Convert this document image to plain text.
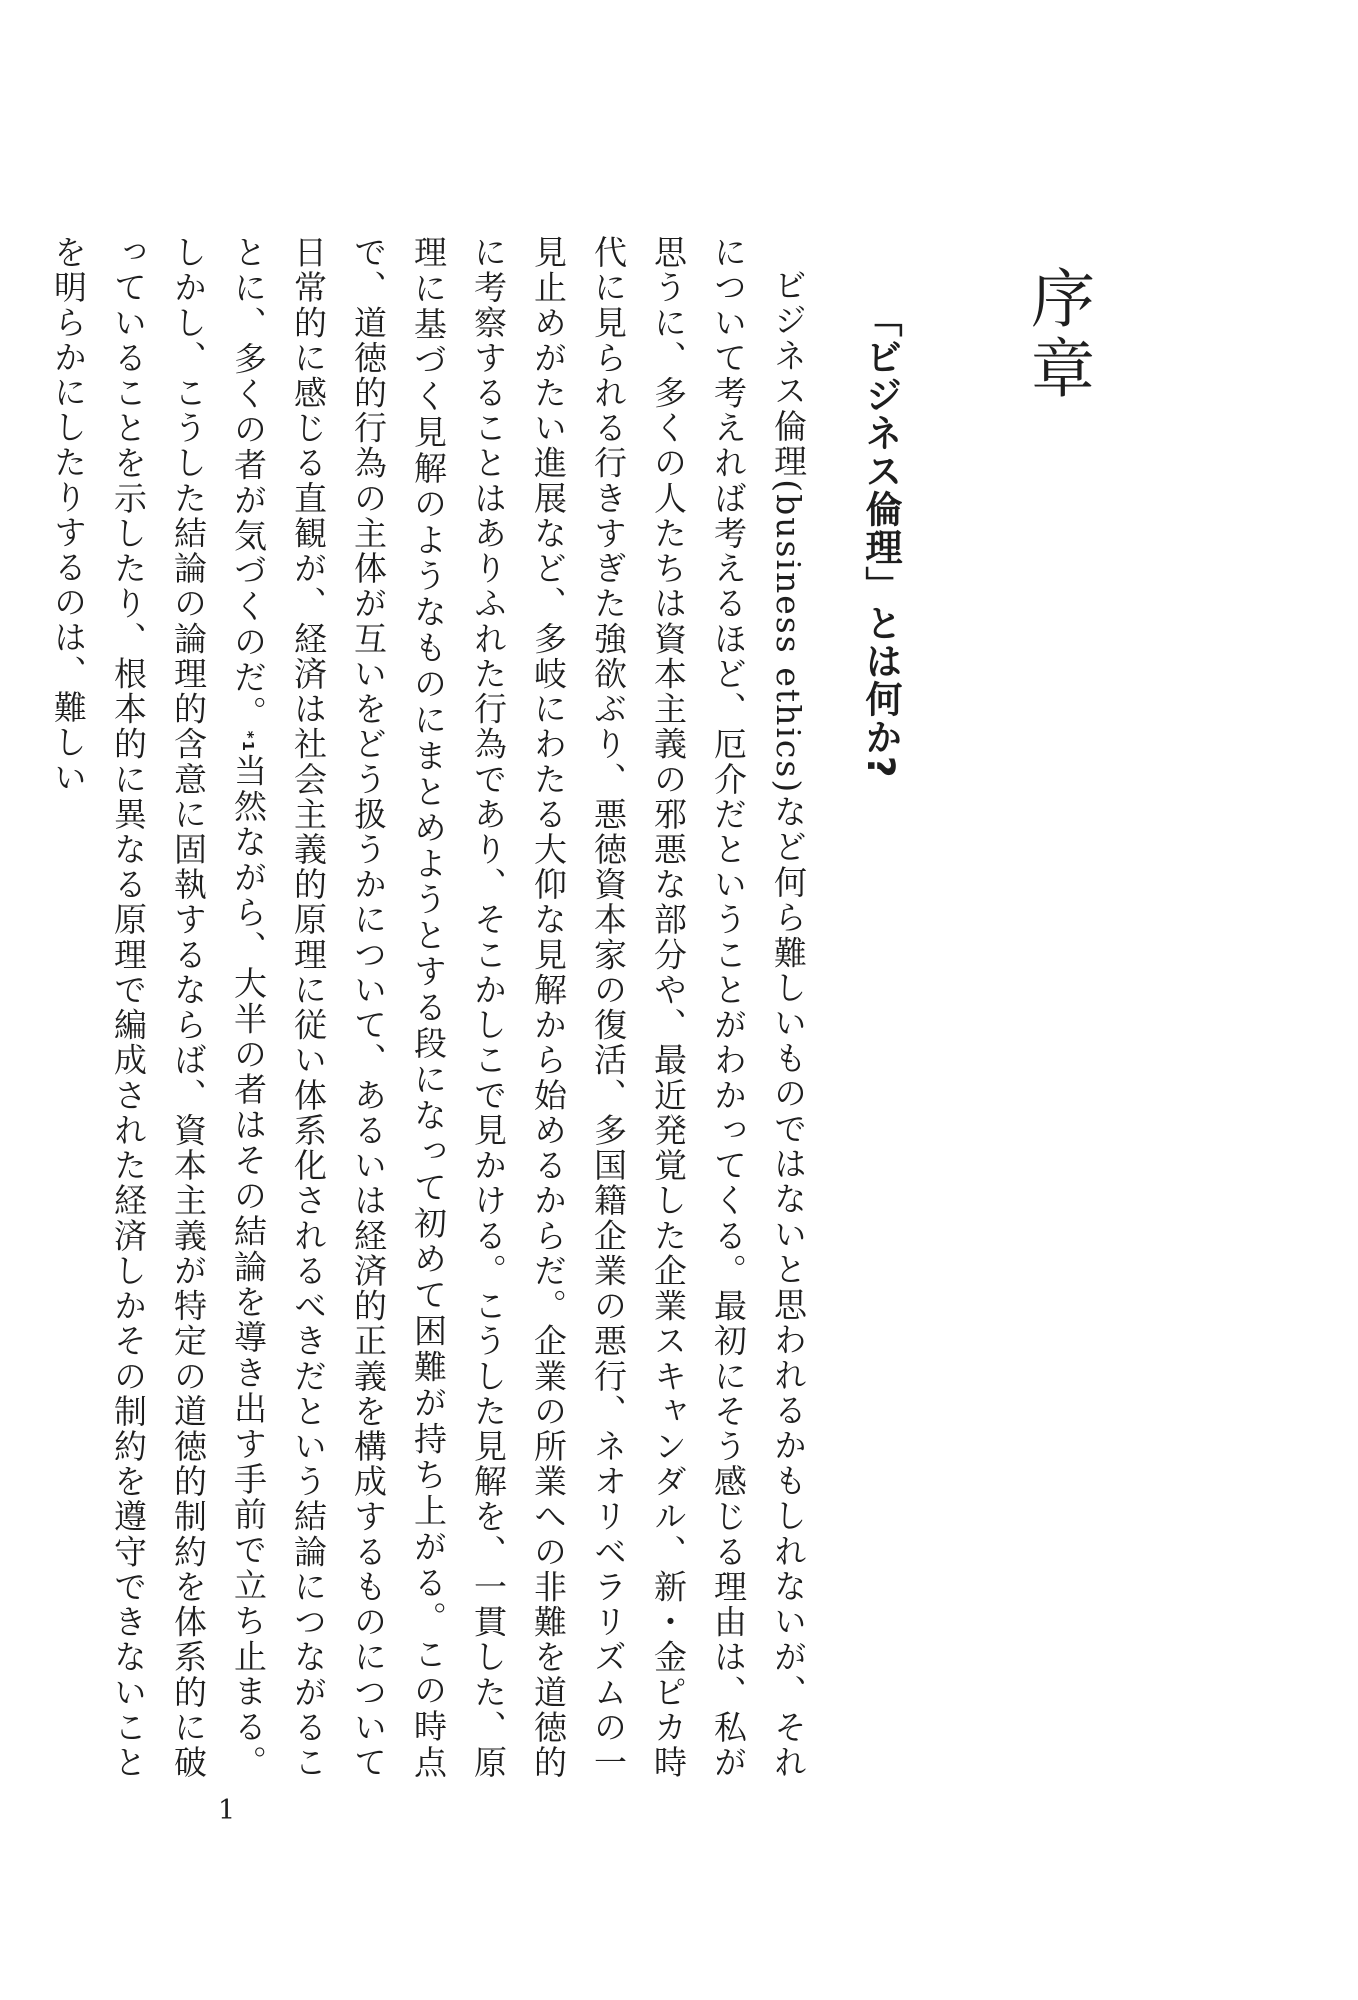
序章
「ビジネス倫理」とは何か?

ビジネス倫理(business ethics)など何ら難しいものではないと思われるかもしれないが、それについて考えれば考えるほど、厄介だということがわかってくる。最初にそう感じる理由は、私が思うに、多くの人たちは資本主義の邪悪な部分や、最近発覚した企業スキャンダル、新・金ピカ時代に見られる行きすぎた強欲ぶり、悪徳資本家の復活、多国籍企業の悪行、ネオリベラリズムの一見止めがたい進展など、多岐にわたる大仰な見解から始めるからだ。企業の所業への非難を道徳的に考察することはありふれた行為であり、そこかしこで見かける。こうした見解を、一貫した、原理に基づく見解のようなものにまとめようとする段になって初めて困難が持ち上がる。この時点で、道徳的行為の主体が互いをどう扱うかについて、あるいは経済的正義を構成するものについて日常的に感じる直観が、経済は社会主義的原理に従い体系化されるべきだという結論につながることに、多くの者が気づくのだ。*1当然ながら、大半の者はその結論を導き出す手前で立ち止まる。しかし、こうした結論の論理的含意に固執するならば、資本主義が特定の道徳的制約を体系的に破っていることを示したり、根本的に異なる原理で編成された経済しかその制約を遵守できないことを明らかにしたりするのは、難しい

1
